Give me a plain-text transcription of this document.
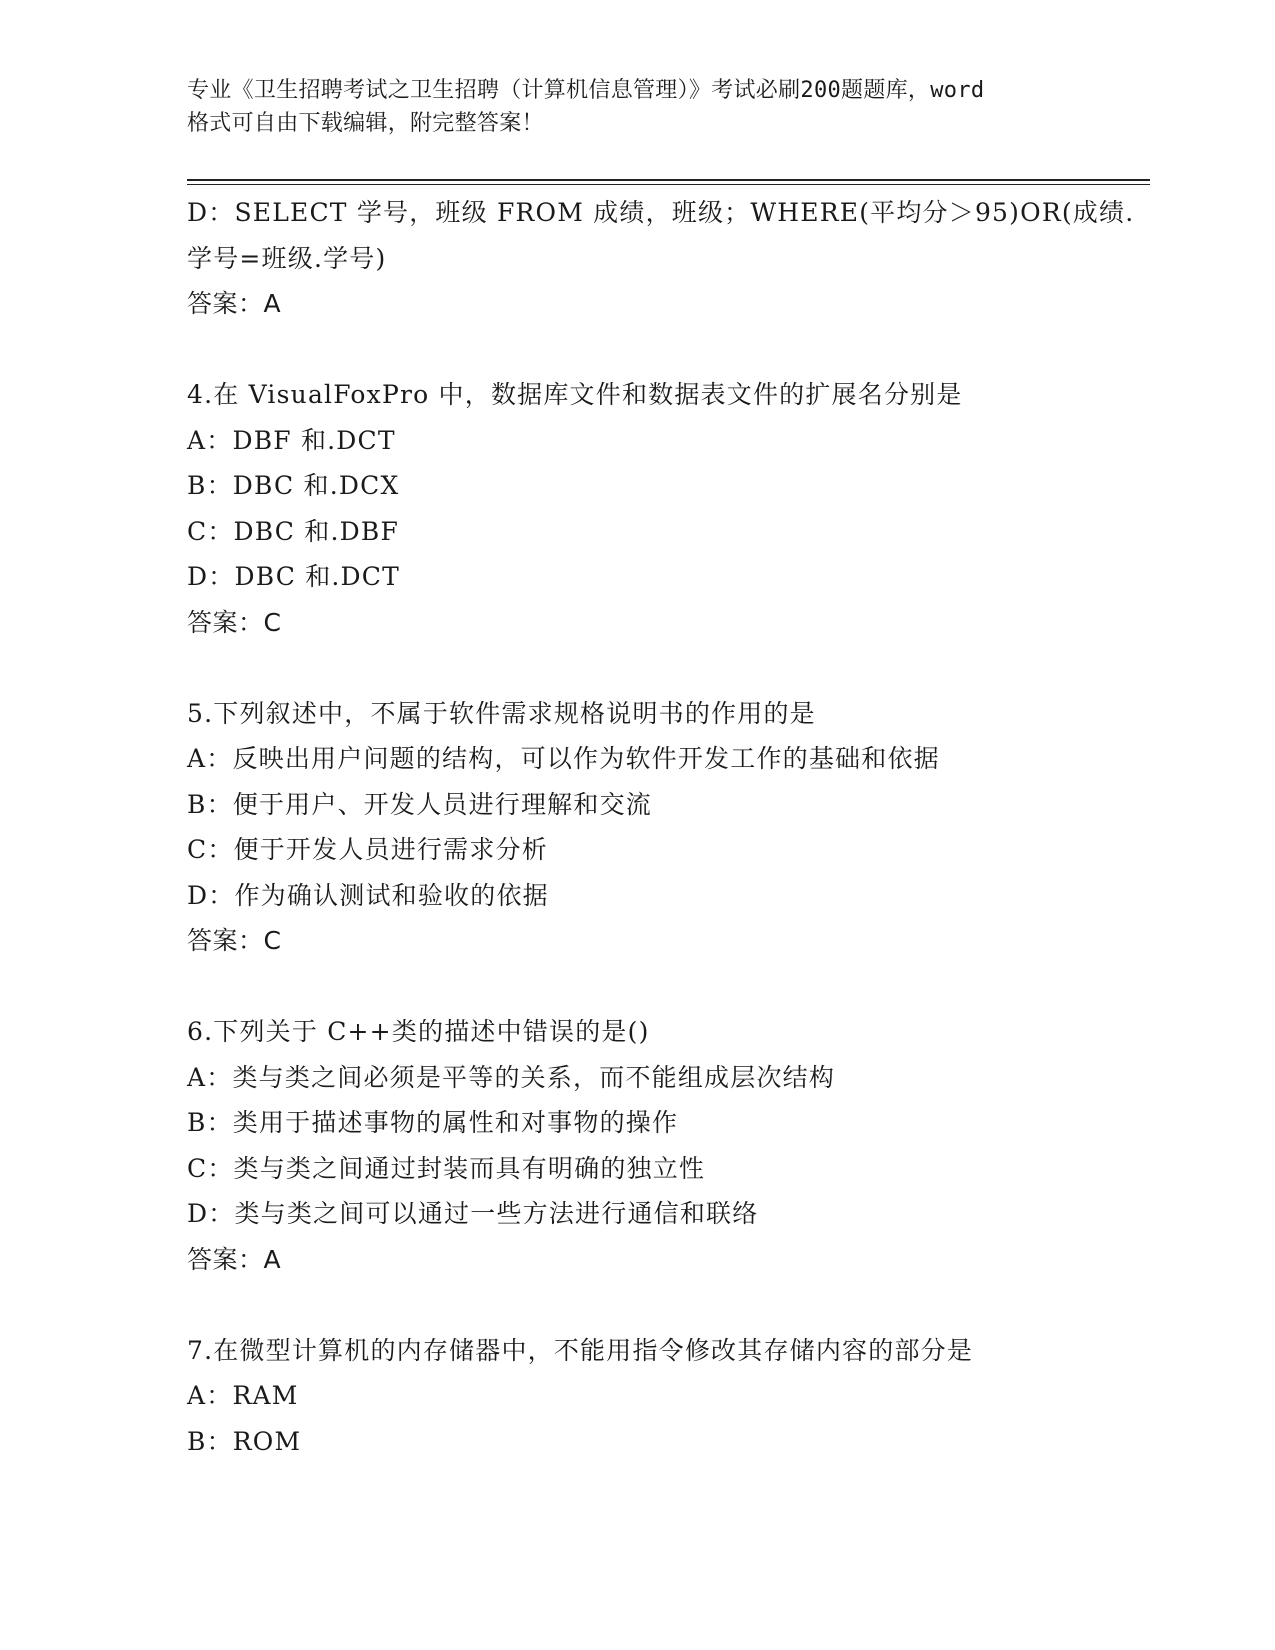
专业《卫生招聘考试之卫生招聘（计算机信息管理）》考试必刷200题题库，word
格式可自由下载编辑，附完整答案！
D：SELECT 学号，班级 FROM 成绩，班级；WHERE(平均分＞95)OR(成绩.
学号=班级.学号)
答案：A
4.在 VisualFoxPro 中，数据库文件和数据表文件的扩展名分别是
A：DBF 和.DCT
B：DBC 和.DCX
C：DBC 和.DBF
D：DBC 和.DCT
答案：C
5.下列叙述中，不属于软件需求规格说明书的作用的是
A：反映出用户问题的结构，可以作为软件开发工作的基础和依据
B：便于用户、开发人员进行理解和交流
C：便于开发人员进行需求分析
D：作为确认测试和验收的依据
答案：C
6.下列关于 C++类的描述中错误的是()
A：类与类之间必须是平等的关系，而不能组成层次结构
B：类用于描述事物的属性和对事物的操作
C：类与类之间通过封装而具有明确的独立性
D：类与类之间可以通过一些方法进行通信和联络
答案：A
7.在微型计算机的内存储器中，不能用指令修改其存储内容的部分是
A：RAM
B：ROM
